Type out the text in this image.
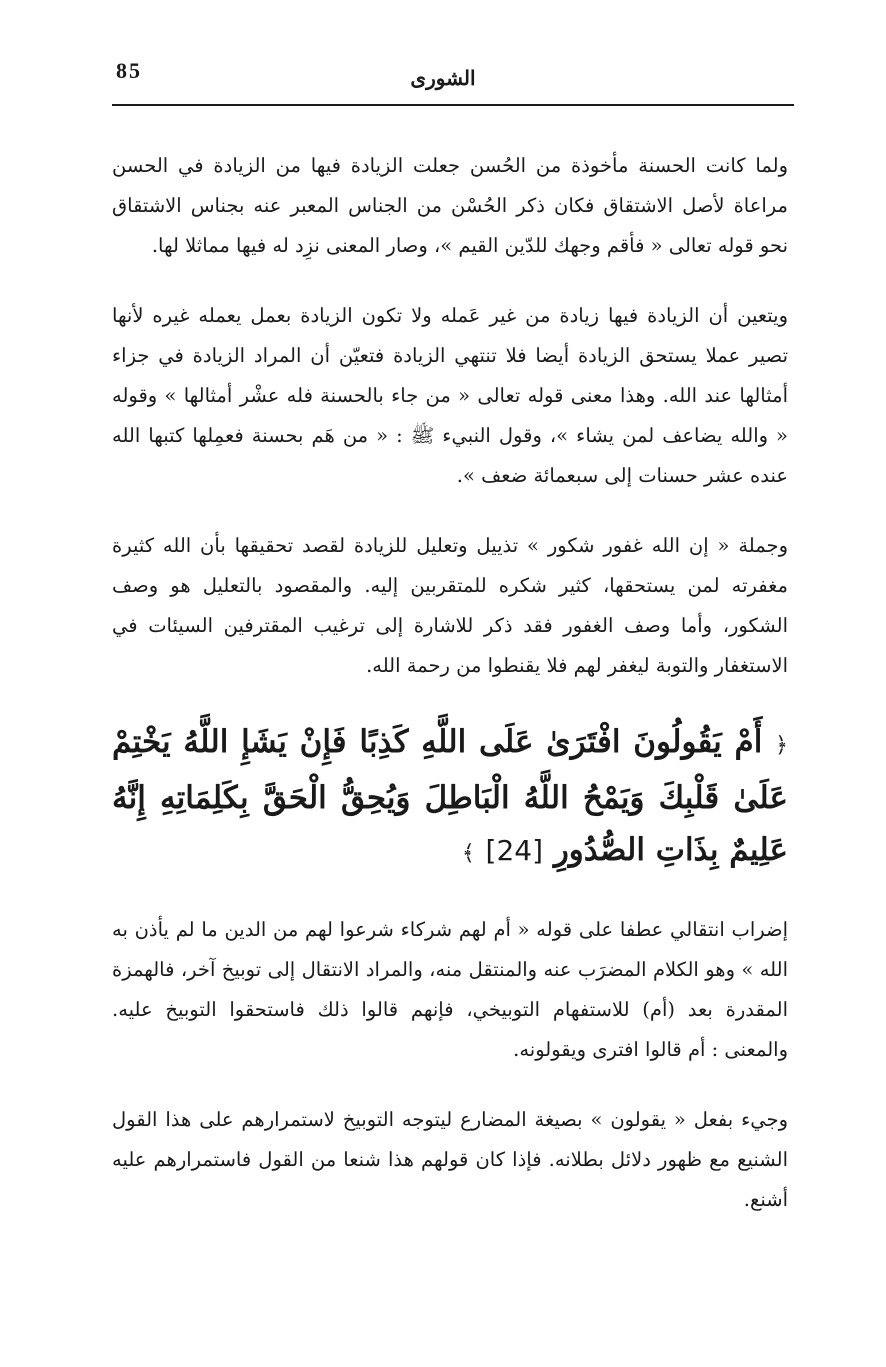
85	الشورى

ولما كانت الحسنة مأخوذة من الحُسن جعلت الزيادة فيها من الزيادة في الحسن مراعاة لأصل الاشتقاق فكان ذكر الحُسْن من الجناس المعبر عنه بجناس الاشتقاق نحو قوله تعالى « فأقم وجهك للدّين القيم »، وصار المعنى نزِد له فيها مماثلا لها.

ويتعين أن الزيادة فيها زيادة من غير عَمله ولا تكون الزيادة بعمل يعمله غيره لأنها تصير عملا يستحق الزيادة أيضا فلا تنتهي الزيادة فتعيّن أن المراد الزيادة في جزاء أمثالها عند الله. وهذا معنى قوله تعالى « من جاء بالحسنة فله عشْر أمثالها » وقوله « والله يضاعف لمن يشاء »، وقول النبيء ﷺ : « من هَم بحسنة فعمِلها كتبها الله عنده عشر حسنات إلى سبعمائة ضعف ».

وجملة « إن الله غفور شكور » تذييل وتعليل للزيادة لقصد تحقيقها بأن الله كثيرة مغفرته لمن يستحقها، كثير شكره للمتقربين إليه. والمقصود بالتعليل هو وصف الشكور، وأما وصف الغفور فقد ذكر للاشارة إلى ترغيب المقترفين السيئات في الاستغفار والتوبة ليغفر لهم فلا يقنطوا من رحمة الله.

﴿ أَمْ يَقُولُونَ افْتَرَىٰ عَلَى اللَّهِ كَذِبًا فَإِنْ يَشَإِ اللَّهُ يَخْتِمْ عَلَىٰ قَلْبِكَ وَيَمْحُ اللَّهُ الْبَاطِلَ وَيُحِقُّ الْحَقَّ بِكَلِمَاتِهِ إِنَّهُ عَلِيمٌ بِذَاتِ الصُّدُورِ [24] ﴾

إضراب انتقالي عطفا على قوله « أم لهم شركاء شرعوا لهم من الدين ما لم يأذن به الله » وهو الكلام المضرَب عنه والمنتقل منه، والمراد الانتقال إلى توبيخ آخر، فالهمزة المقدرة بعد (أم) للاستفهام التوبيخي، فإنهم قالوا ذلك فاستحقوا التوبيخ عليه. والمعنى : أم قالوا افترى ويقولونه.

وجيء بفعل « يقولون » بصيغة المضارع ليتوجه التوبيخ لاستمرارهم على هذا القول الشنيع مع ظهور دلائل بطلانه. فإذا كان قولهم هذا شنعا من القول فاستمرارهم عليه أشنع.
